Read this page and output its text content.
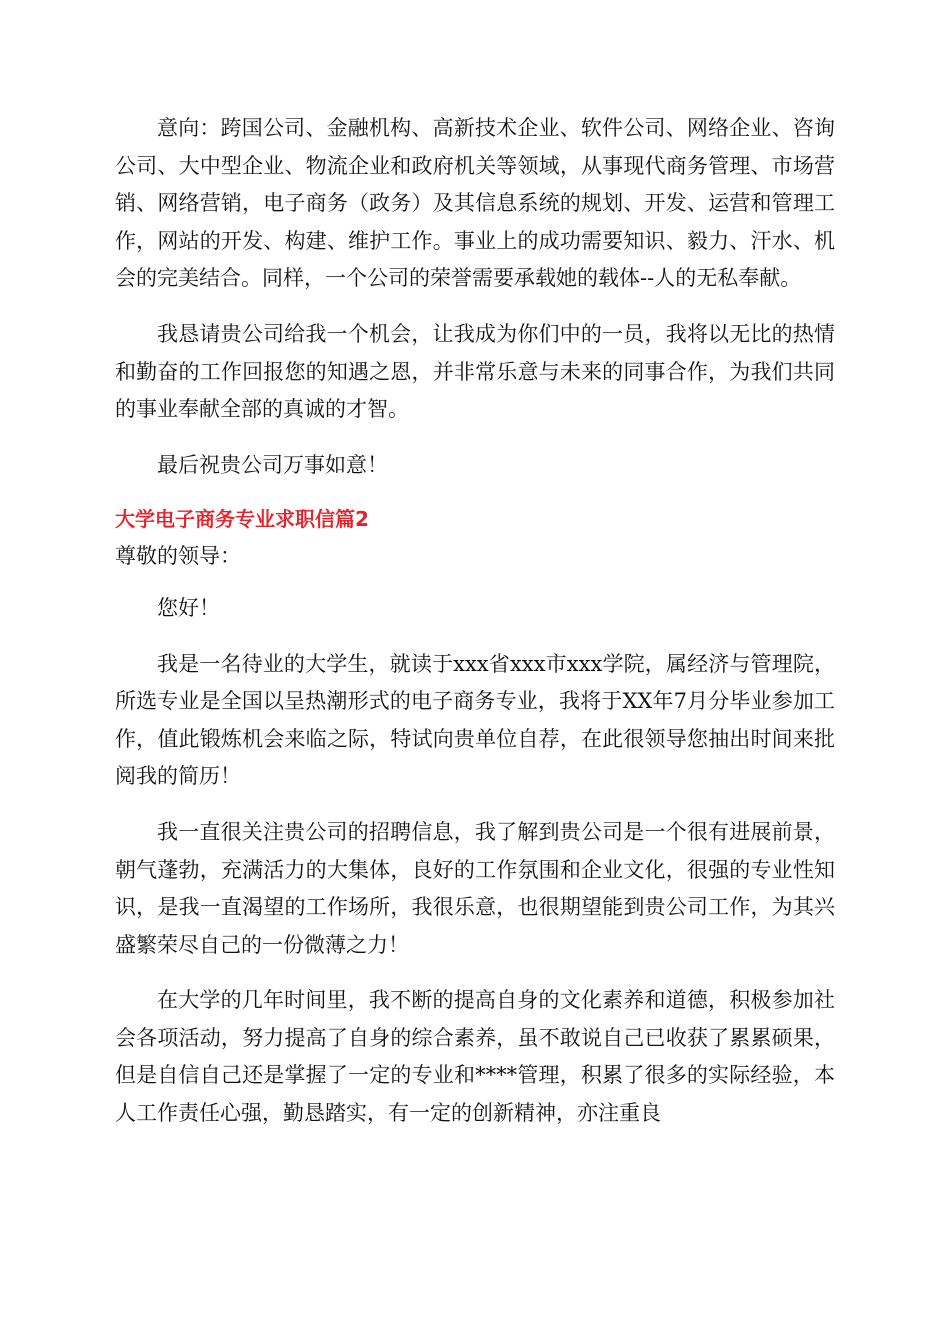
意向：跨国公司、金融机构、高新技术企业、软件公司、网络企业、咨询公司、大中型企业、物流企业和政府机关等领域，从事现代商务管理、市场营销、网络营销，电子商务（政务）及其信息系统的规划、开发、运营和管理工作，网站的开发、构建、维护工作。事业上的成功需要知识、毅力、汗水、机会的完美结合。同样，一个公司的荣誉需要承载她的载体--人的无私奉献。

我恳请贵公司给我一个机会，让我成为你们中的一员，我将以无比的热情和勤奋的工作回报您的知遇之恩，并非常乐意与未来的同事合作，为我们共同的事业奉献全部的真诚的才智。

最后祝贵公司万事如意！

大学电子商务专业求职信篇2

尊敬的领导：

您好！

我是一名待业的大学生，就读于xxx省xxx市xxx学院，属经济与管理院，所选专业是全国以呈热潮形式的电子商务专业，我将于XX年7月分毕业参加工作，值此锻炼机会来临之际，特试向贵单位自荐，在此很领导您抽出时间来批阅我的简历！

我一直很关注贵公司的招聘信息，我了解到贵公司是一个很有进展前景，朝气蓬勃，充满活力的大集体，良好的工作氛围和企业文化，很强的专业性知识，是我一直渴望的工作场所，我很乐意，也很期望能到贵公司工作，为其兴盛繁荣尽自己的一份微薄之力！

在大学的几年时间里，我不断的提高自身的文化素养和道德，积极参加社会各项活动，努力提高了自身的综合素养，虽不敢说自己已收获了累累硕果，但是自信自己还是掌握了一定的专业和****管理，积累了很多的实际经验，本人工作责任心强，勤恳踏实，有一定的创新精神，亦注重良
